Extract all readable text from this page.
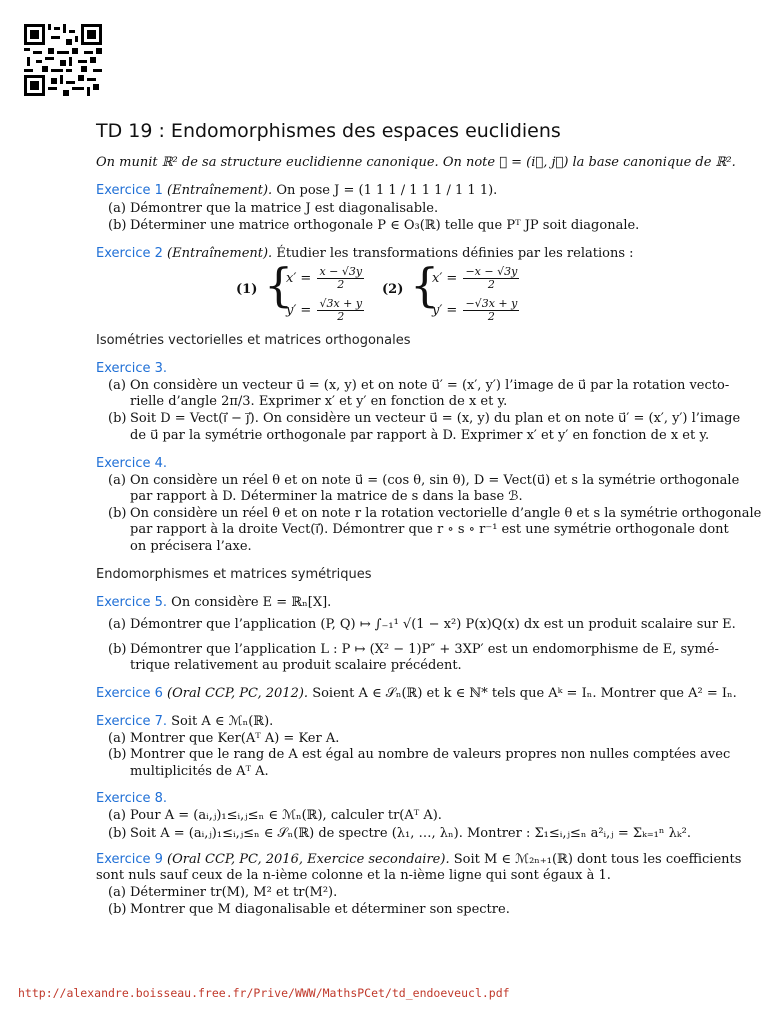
TD 19 : Endomorphismes des espaces euclidiens
On munit ℝ² de sa structure euclidienne canonique. On note ℬ = (i⃗, j⃗) la base canonique de ℝ².
Exercice 1 (Entraînement). On pose J = (1 1 1 / 1 1 1 / 1 1 1).
(a) Démontrer que la matrice J est diagonalisable.
(b) Déterminer une matrice orthogonale P ∈ O₃(ℝ) telle que Pᵀ JP soit diagonale.
Exercice 2 (Entraînement). Étudier les transformations définies par les relations :
(1) {
$x' = \frac{x - √3y}{2}$
$y' = \frac{√3x + y}{2}$
(2) {
$x' = \frac{-x - √3y}{2}$
$y' = \frac{-√3x + y}{2}$
Isométries vectorielles et matrices orthogonales
Exercice 3.
(a) On considère un vecteur u⃗ = (x, y) et on note u⃗′ = (x′, y′) l’image de u⃗ par la rotation vecto-
rielle d’angle 2π/3. Exprimer x′ et y′ en fonction de x et y.
(b) Soit D = Vect(i⃗ − j⃗). On considère un vecteur u⃗ = (x, y) du plan et on note u⃗′ = (x′, y′) l’image
de u⃗ par la symétrie orthogonale par rapport à D. Exprimer x′ et y′ en fonction de x et y.
Exercice 4.
(a) On considère un réel θ et on note u⃗ = (cos θ, sin θ), D = Vect(u⃗) et s la symétrie orthogonale
par rapport à D. Déterminer la matrice de s dans la base ℬ.
(b) On considère un réel θ et on note r la rotation vectorielle d’angle θ et s la symétrie orthogonale
par rapport à la droite Vect(i⃗). Démontrer que r ∘ s ∘ r⁻¹ est une symétrie orthogonale dont
on précisera l’axe.
Endomorphismes et matrices symétriques
Exercice 5. On considère E = ℝₙ[X].
(a) Démontrer que l’application (P, Q) ↦ ∫₋₁¹ √(1 − x²) P(x)Q(x) dx est un produit scalaire sur E.
(b) Démontrer que l’application L : P ↦ (X² − 1)P″ + 3XP′ est un endomorphisme de E, symé-
trique relativement au produit scalaire précédent.
Exercice 6 (Oral CCP, PC, 2012). Soient A ∈ 𝒮ₙ(ℝ) et k ∈ ℕ* tels que Aᵏ = Iₙ. Montrer que A² = Iₙ.
Exercice 7. Soit A ∈ ℳₙ(ℝ).
(a) Montrer que Ker(Aᵀ A) = Ker A.
(b) Montrer que le rang de A est égal au nombre de valeurs propres non nulles comptées avec
multiplicités de Aᵀ A.
Exercice 8.
(a) Pour A = (aᵢ,ⱼ)₁≤ᵢ,ⱼ≤ₙ ∈ ℳₙ(ℝ), calculer tr(Aᵀ A).
(b) Soit A = (aᵢ,ⱼ)₁≤ᵢ,ⱼ≤ₙ ∈ 𝒮ₙ(ℝ) de spectre (λ₁, …, λₙ). Montrer : Σ₁≤ᵢ,ⱼ≤ₙ a²ᵢ,ⱼ = Σₖ₌₁ⁿ λₖ².
Exercice 9 (Oral CCP, PC, 2016, Exercice secondaire). Soit M ∈ ℳ₂ₙ₊₁(ℝ) dont tous les coefficients
sont nuls sauf ceux de la n-ième colonne et la n-ième ligne qui sont égaux à 1.
(a) Déterminer tr(M), M² et tr(M²).
(b) Montrer que M diagonalisable et déterminer son spectre.
http://alexandre.boisseau.free.fr/Prive/WWW/MathsPCet/td_endoeveucl.pdf
